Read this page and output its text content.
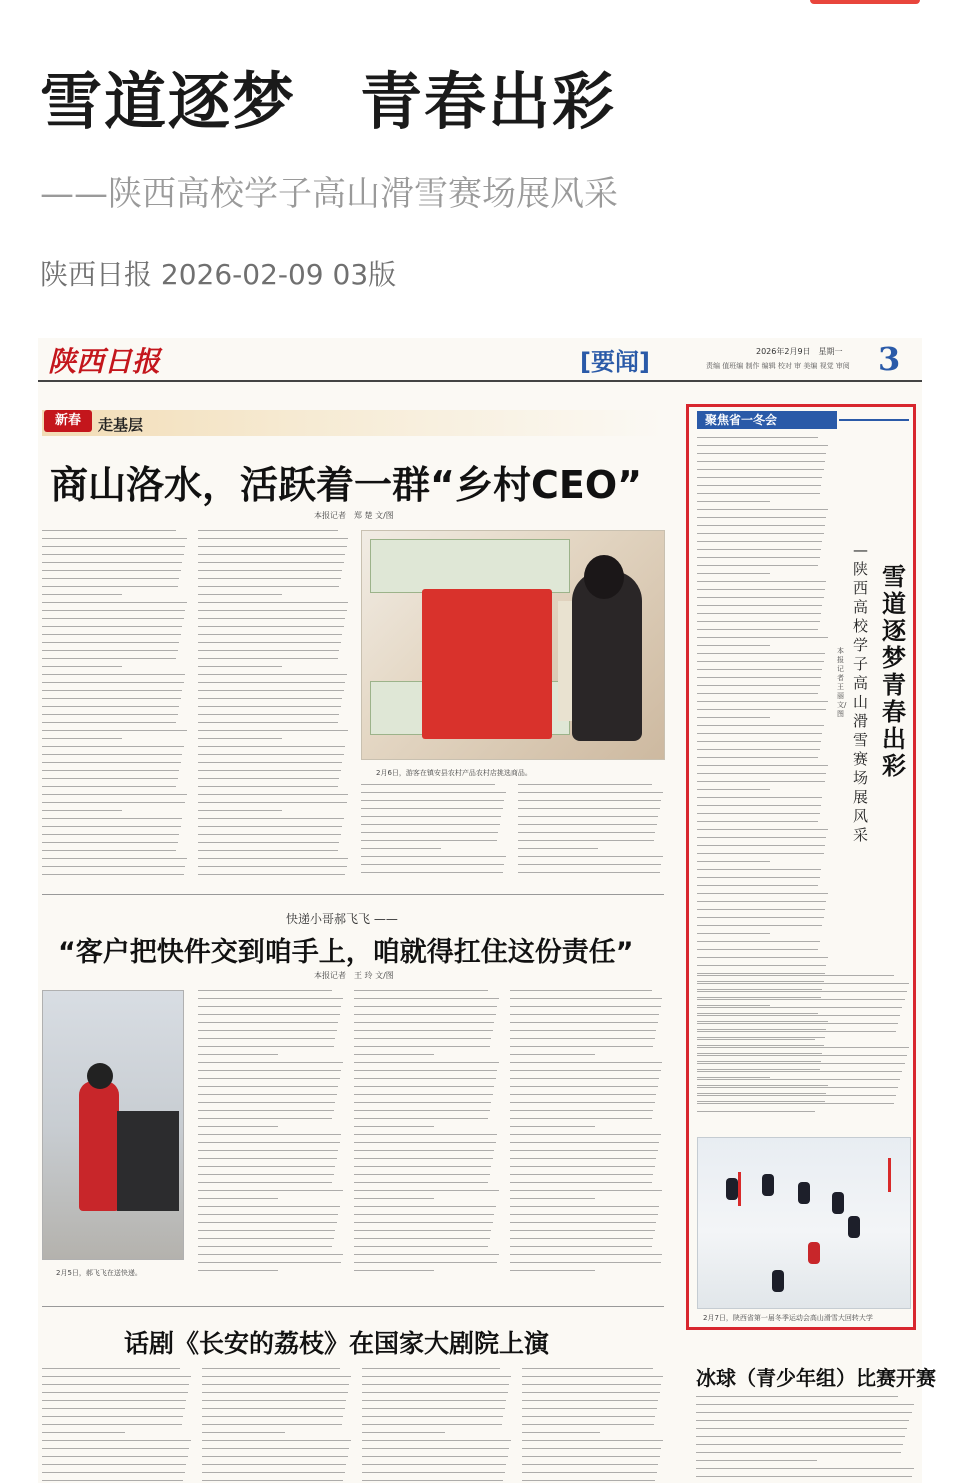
雪道逐梦　青春出彩
——陕西高校学子高山滑雪赛场展风采
陕西日报 2026-02-09 03版
陕西日报	[要闻]	2026年2月9日　星期一
责编 值班编 制作 编辑 校对 审 美编 视觉 审阅 3
新春	走基层
商山洛水，活跃着一群“乡村CEO”
本报记者　郑 楚 文/图
2月6日，游客在镇安县农村产品农村店挑选商品。
快递小哥郝飞飞 ——
“客户把快件交到咱手上，咱就得扛住这份责任”
本报记者　王 玲 文/图
2月5日，郝飞飞在送快递。
话剧《长安的荔枝》在国家大剧院上演
冰球（青少年组）比赛开赛
聚焦省一冬会
雪道逐梦　青春出彩
—陕西高校学子高山滑雪赛场展风采
本报记者　王 丽 文/图
2月7日，陕西省第一届冬季运动会高山滑雪大回转大学
